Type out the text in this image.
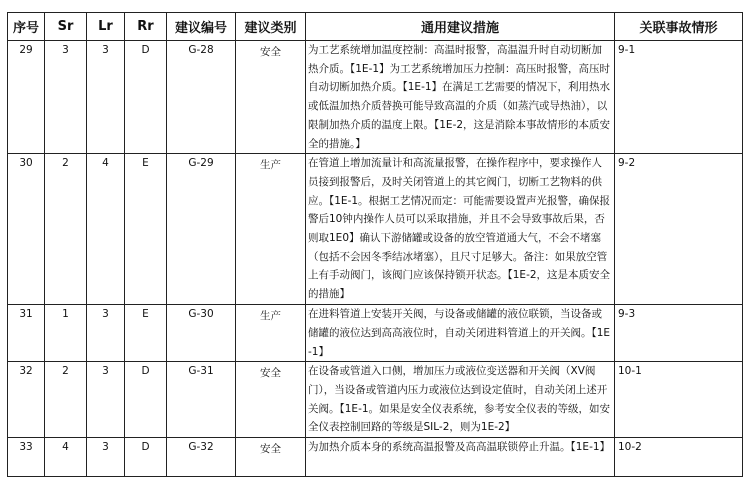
序号	Sr	Lr	Rr	建议编号	建议类别	通用建议措施	关联事故情形
29	3	3	D	G-28	安全	为工艺系统增加温度控制：高温时报警，高温温升时自动切断加热介质。【1E-1】为工艺系统增加压力控制：高压时报警，高压时自动切断加热介质。【1E-1】在满足工艺需要的情况下，利用热水或低温加热介质替换可能导致高温的介质（如蒸汽或导热油），以限制加热介质的温度上限。【1E-2，这是消除本事故情形的本质安全的措施。】	9-1
30	2	4	E	G-29	生产	在管道上增加流量计和高流量报警，在操作程序中，要求操作人员接到报警后，及时关闭管道上的其它阀门，切断工艺物料的供应。【1E-1。根据工艺情况而定：可能需要设置声光报警，确保报警后10钟内操作人员可以采取措施，并且不会导致事故后果，否则取1E0】确认下游储罐或设备的放空管道通大气，不会不堵塞（包括不会因冬季结冰堵塞），且尺寸足够大。备注：如果放空管上有手动阀门，该阀门应该保持锁开状态。【1E-2，这是本质安全的措施】	9-2
31	1	3	E	G-30	生产	在进料管道上安装开关阀，与设备或储罐的液位联锁，当设备或储罐的液位达到高高液位时，自动关闭进料管道上的开关阀。【1E-1】	9-3
32	2	3	D	G-31	安全	在设备或管道入口侧，增加压力或液位变送器和开关阀（XV阀门），当设备或管道内压力或液位达到设定值时，自动关闭上述开关阀。【1E-1。如果是安全仪表系统，参考安全仪表的等级，如安全仪表控制回路的等级是SIL-2，则为1E-2】	10-1
33	4	3	D	G-32	安全	为加热介质本身的系统高温报警及高高温联锁停止升温。【1E-1】	10-2
